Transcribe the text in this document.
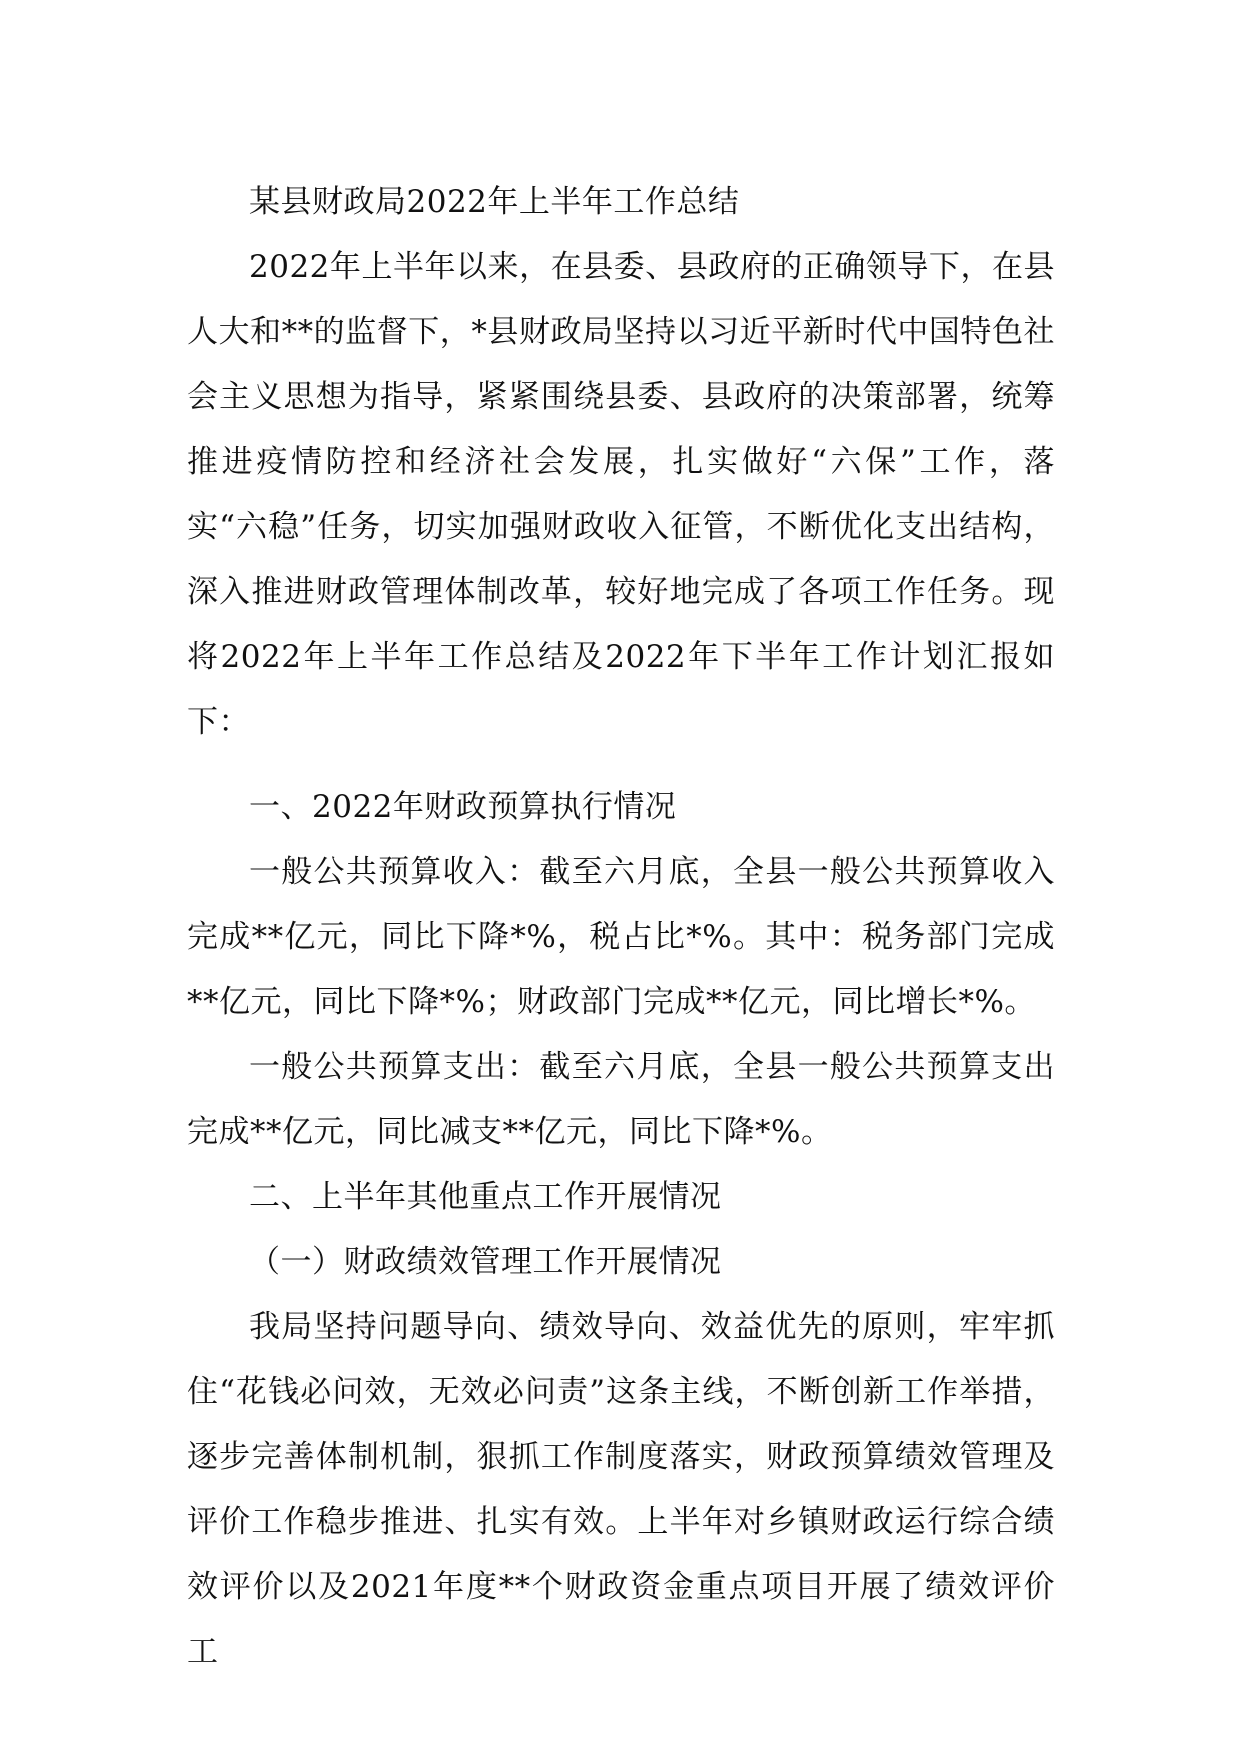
某县财政局2022年上半年工作总结

2022年上半年以来，在县委、县政府的正确领导下，在县人大和**的监督下，*县财政局坚持以习近平新时代中国特色社会主义思想为指导，紧紧围绕县委、县政府的决策部署，统筹推进疫情防控和经济社会发展，扎实做好“六保”工作，落实“六稳”任务，切实加强财政收入征管，不断优化支出结构，深入推进财政管理体制改革，较好地完成了各项工作任务。现将2022年上半年工作总结及2022年下半年工作计划汇报如下：

一、2022年财政预算执行情况

一般公共预算收入：截至六月底，全县一般公共预算收入完成**亿元，同比下降*%，税占比*%。其中：税务部门完成**亿元，同比下降*%；财政部门完成**亿元，同比增长*%。

一般公共预算支出：截至六月底，全县一般公共预算支出完成**亿元，同比减支**亿元，同比下降*%。

二、上半年其他重点工作开展情况

（一）财政绩效管理工作开展情况

我局坚持问题导向、绩效导向、效益优先的原则，牢牢抓住“花钱必问效，无效必问责”这条主线，不断创新工作举措，逐步完善体制机制，狠抓工作制度落实，财政预算绩效管理及评价工作稳步推进、扎实有效。上半年对乡镇财政运行综合绩效评价以及2021年度**个财政资金重点项目开展了绩效评价工
